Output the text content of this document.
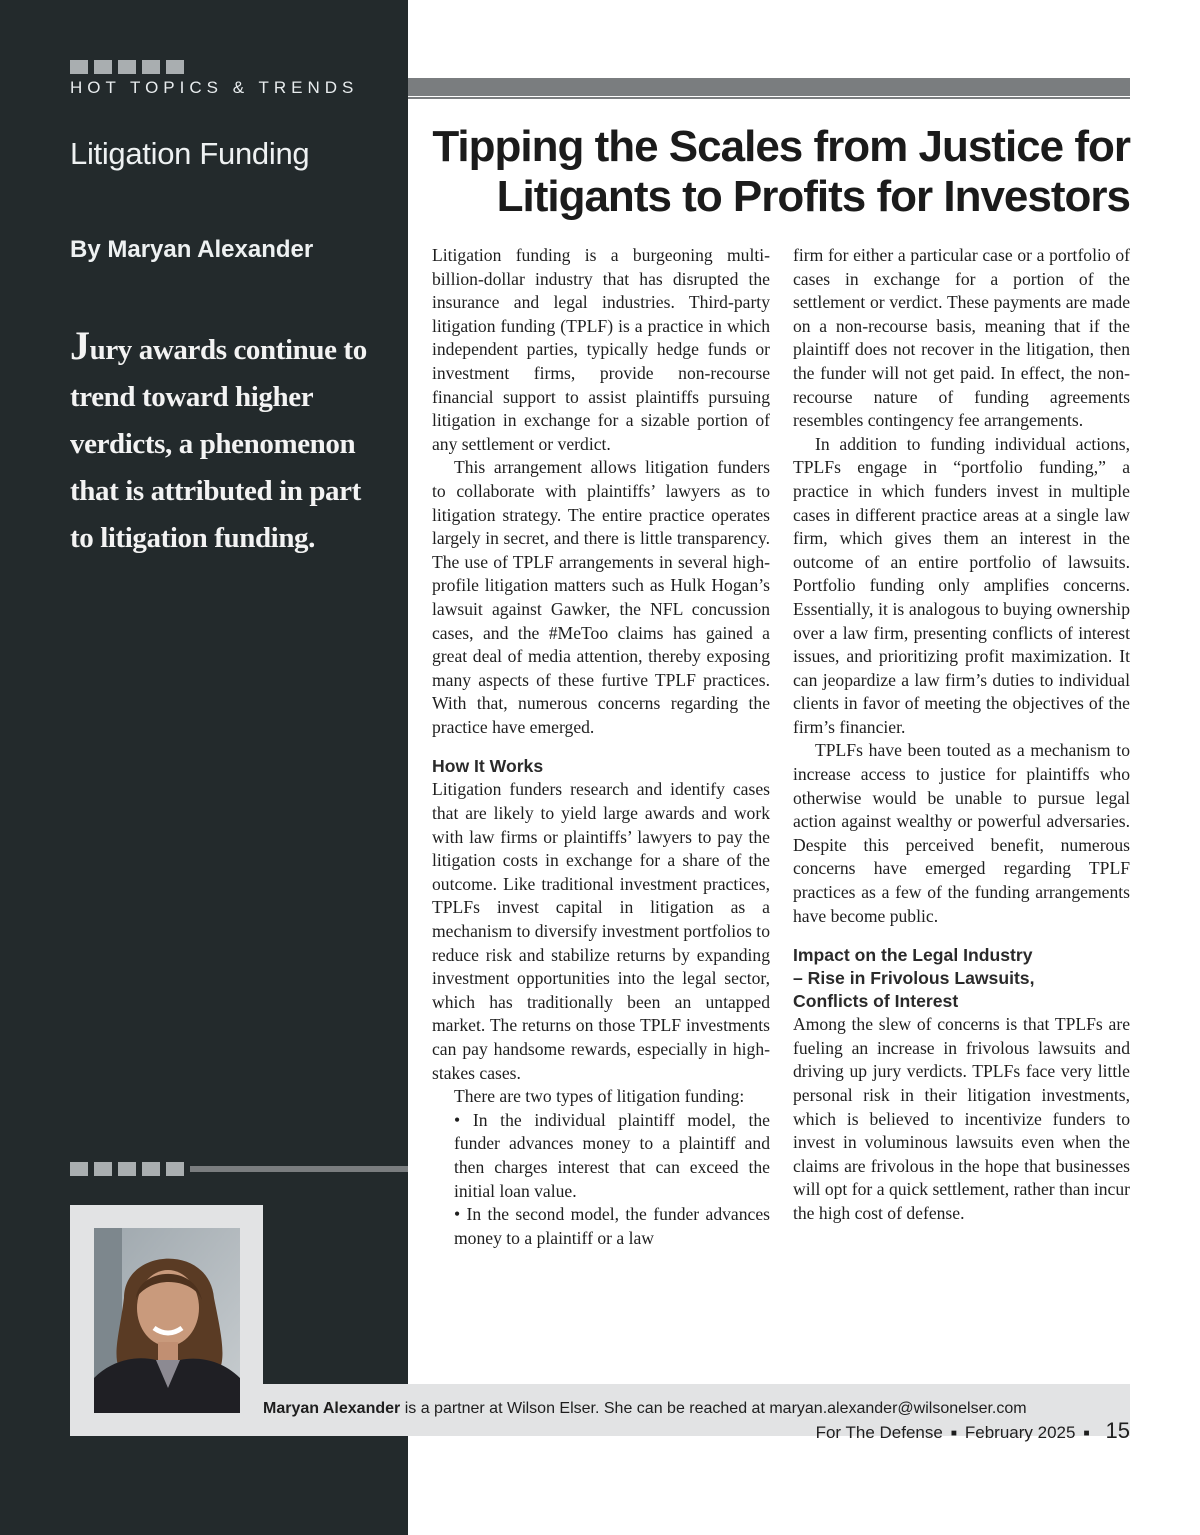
HOT TOPICS & TRENDS
Litigation Funding
By Maryan Alexander
Jury awards continue to trend toward higher verdicts, a phenomenon that is attributed in part to litigation funding.
Tipping the Scales from Justice for
Litigants to Profits for Investors

Litigation funding is a burgeoning multi-billion-dollar industry that has disrupted the insurance and legal industries. Third-party litigation funding (TPLF) is a practice in which independent parties, typically hedge funds or investment firms, provide non-recourse financial support to assist plaintiffs pursuing litigation in exchange for a sizable portion of any settlement or verdict.

This arrangement allows litigation funders to collaborate with plaintiffs’ lawyers as to litigation strategy. The entire practice operates largely in secret, and there is little transparency. The use of TPLF arrangements in several high-profile litigation matters such as Hulk Hogan’s lawsuit against Gawker, the NFL concussion cases, and the #MeToo claims has gained a great deal of media attention, thereby exposing many aspects of these furtive TPLF practices. With that, numerous concerns regarding the practice have emerged.

How It Works

Litigation funders research and identify cases that are likely to yield large awards and work with law firms or plaintiffs’ lawyers to pay the litigation costs in exchange for a share of the outcome. Like traditional investment practices, TPLFs invest capital in litigation as a mechanism to diversify investment portfolios to reduce risk and stabilize returns by expanding investment opportunities into the legal sector, which has traditionally been an untapped market. The returns on those TPLF investments can pay handsome rewards, especially in high-stakes cases.

There are two types of litigation funding:

• In the individual plaintiff model, the funder advances money to a plaintiff and then charges interest that can exceed the initial loan value.

• In the second model, the funder advances money to a plaintiff or a law

firm for either a particular case or a portfolio of cases in exchange for a portion of the settlement or verdict. These payments are made on a non-recourse basis, meaning that if the plaintiff does not recover in the litigation, then the funder will not get paid. In effect, the non-recourse nature of funding agreements resembles contingency fee arrangements.

In addition to funding individual actions, TPLFs engage in “portfolio funding,” a practice in which funders invest in multiple cases in different practice areas at a single law firm, which gives them an interest in the outcome of an entire portfolio of lawsuits. Portfolio funding only amplifies concerns. Essentially, it is analogous to buying ownership over a law firm, presenting conflicts of interest issues, and prioritizing profit maximization. It can jeopardize a law firm’s duties to individual clients in favor of meeting the objectives of the firm’s financier.

TPLFs have been touted as a mechanism to increase access to justice for plaintiffs who otherwise would be unable to pursue legal action against wealthy or powerful adversaries. Despite this perceived benefit, numerous concerns have emerged regarding TPLF practices as a few of the funding arrangements have become public.

Impact on the Legal Industry
– Rise in Frivolous Lawsuits,
Conflicts of Interest

Among the slew of concerns is that TPLFs are fueling an increase in frivolous lawsuits and driving up jury verdicts. TPLFs face very little personal risk in their litigation investments, which is believed to incentivize funders to invest in voluminous lawsuits even when the claims are frivolous in the hope that businesses will opt for a quick settlement, rather than incur the high cost of defense.

Maryan Alexander is a partner at Wilson Elser. She can be reached at maryan.alexander@wilsonelser.com
For The Defense ■ February 2025 ■ 15
